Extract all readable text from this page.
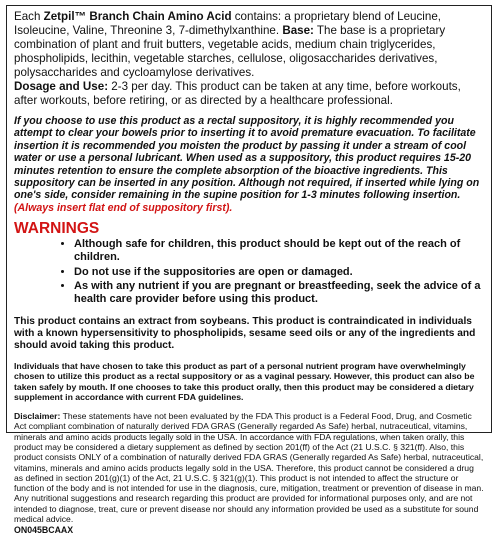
Each Zetpil™ Branch Chain Amino Acid contains: a proprietary blend of Leucine, Isoleucine, Valine, Threonine 3, 7-dimethylxanthine. Base: The base is a proprietary combination of plant and fruit butters, vegetable acids, medium chain triglycerides, phospholipids, lecithin, vegetable starches, cellulose, oligosaccharides derivatives, polysaccharides and cycloamylose derivatives.
Dosage and Use: 2-3 per day. This product can be taken at any time, before workouts, after workouts, before retiring, or as directed by a healthcare professional.

If you choose to use this product as a rectal suppository, it is highly recommended you attempt to clear your bowels prior to inserting it to avoid premature evacuation. To facilitate insertion it is recommended you moisten the product by passing it under a stream of cool water or use a personal lubricant. When used as a suppository, this product requires 15-20 minutes retention to ensure the complete absorption of the bioactive ingredients. This suppository can be inserted in any position. Although not required, if inserted while lying on one's side, consider remaining in the supine position for 1-3 minutes following insertion. (Always insert flat end of suppository first).

WARNINGS
• Although safe for children, this product should be kept out of the reach of children.
• Do not use if the suppositories are open or damaged.
• As with any nutrient if you are pregnant or breastfeeding, seek the advice of a health care provider before using this product.

This product contains an extract from soybeans. This product is contraindicated in individuals with a known hypersensitivity to phospholipids, sesame seed oils or any of the ingredients and should avoid taking this product.

Individuals that have chosen to take this product as part of a personal nutrient program have overwhelmingly chosen to utilize this product as a rectal suppository or as a vaginal pessary. However, this product can also be taken safely by mouth. If one chooses to take this product orally, then this product may be considered a dietary supplement in accordance with current FDA guidelines.

Disclaimer: These statements have not been evaluated by the FDA This product is a Federal Food, Drug, and Cosmetic Act compliant combination of naturally derived FDA GRAS (Generally regarded As Safe) herbal, nutraceutical, vitamins, minerals and amino acids products legally sold in the USA. In accordance with FDA regulations, when taken orally, this product may be considered a dietary supplement as defined by section 201(ff) of the Act (21 U.S.C. § 321(ff). Also, this product consists ONLY of a combination of naturally derived FDA GRAS (Generally regarded As Safe) herbal, nutraceutical, vitamins, minerals and amino acids products legally sold in the USA. Therefore, this product cannot be considered a drug as defined in section 201(g)(1) of the Act, 21 U.S.C. § 321(g)(1). This product is not intended to affect the structure or function of the body and is not intended for use in the diagnosis, cure, mitigation, treatment or prevention of disease in man. Any nutritional suggestions and research regarding this product are provided for informational purposes only, and are not intended to diagnose, treat, cure or prevent disease nor should any information provided be used as a substitute for sound medical advice.

ON045BCAAX
